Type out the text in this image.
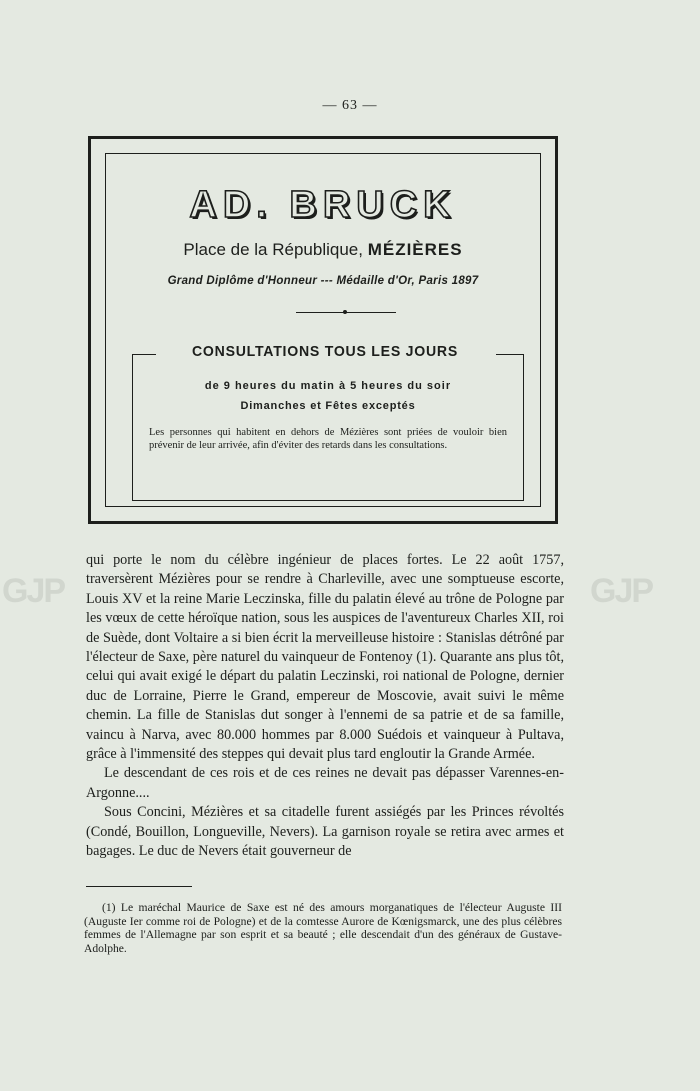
GJP	GJP
— 63 —
AD. BRUCK
Place de la République, MÉZIÈRES
Grand Diplôme d'Honneur --- Médaille d'Or, Paris 1897
CONSULTATIONS TOUS LES JOURS
de 9 heures du matin à 5 heures du soir
Dimanches et Fêtes exceptés
Les personnes qui habitent en dehors de Mézières sont priées de vouloir bien prévenir de leur arrivée, afin d'éviter des retards dans les consultations.

qui porte le nom du célèbre ingénieur de places fortes. Le 22 août 1757, traversèrent Mézières pour se rendre à Charleville, avec une somptueuse escorte, Louis XV et la reine Marie Leczinska, fille du palatin élevé au trône de Pologne par les vœux de cette héroïque nation, sous les auspices de l'aventureux Charles XII, roi de Suède, dont Voltaire a si bien écrit la merveilleuse histoire : Stanislas détrôné par l'électeur de Saxe, père naturel du vainqueur de Fontenoy (1). Quarante ans plus tôt, celui qui avait exigé le départ du palatin Leczinski, roi national de Pologne, dernier duc de Lorraine, Pierre le Grand, empereur de Moscovie, avait suivi le même chemin. La fille de Stanislas dut songer à l'ennemi de sa patrie et de sa famille, vaincu à Narva, avec 80.000 hommes par 8.000 Suédois et vainqueur à Pultava, grâce à l'immensité des steppes qui devait plus tard engloutir la Grande Armée.

Le descendant de ces rois et de ces reines ne devait pas dépasser Varennes-en-Argonne....

Sous Concini, Mézières et sa citadelle furent assiégés par les Princes révoltés (Condé, Bouillon, Longueville, Nevers). La garnison royale se retira avec armes et bagages. Le duc de Nevers était gouverneur de

(1) Le maréchal Maurice de Saxe est né des amours morganatiques de l'électeur Auguste III (Auguste Ier comme roi de Pologne) et de la comtesse Aurore de Kœnigsmarck, une des plus célèbres femmes de l'Allemagne par son esprit et sa beauté ; elle descendait d'un des généraux de Gustave-Adolphe.
